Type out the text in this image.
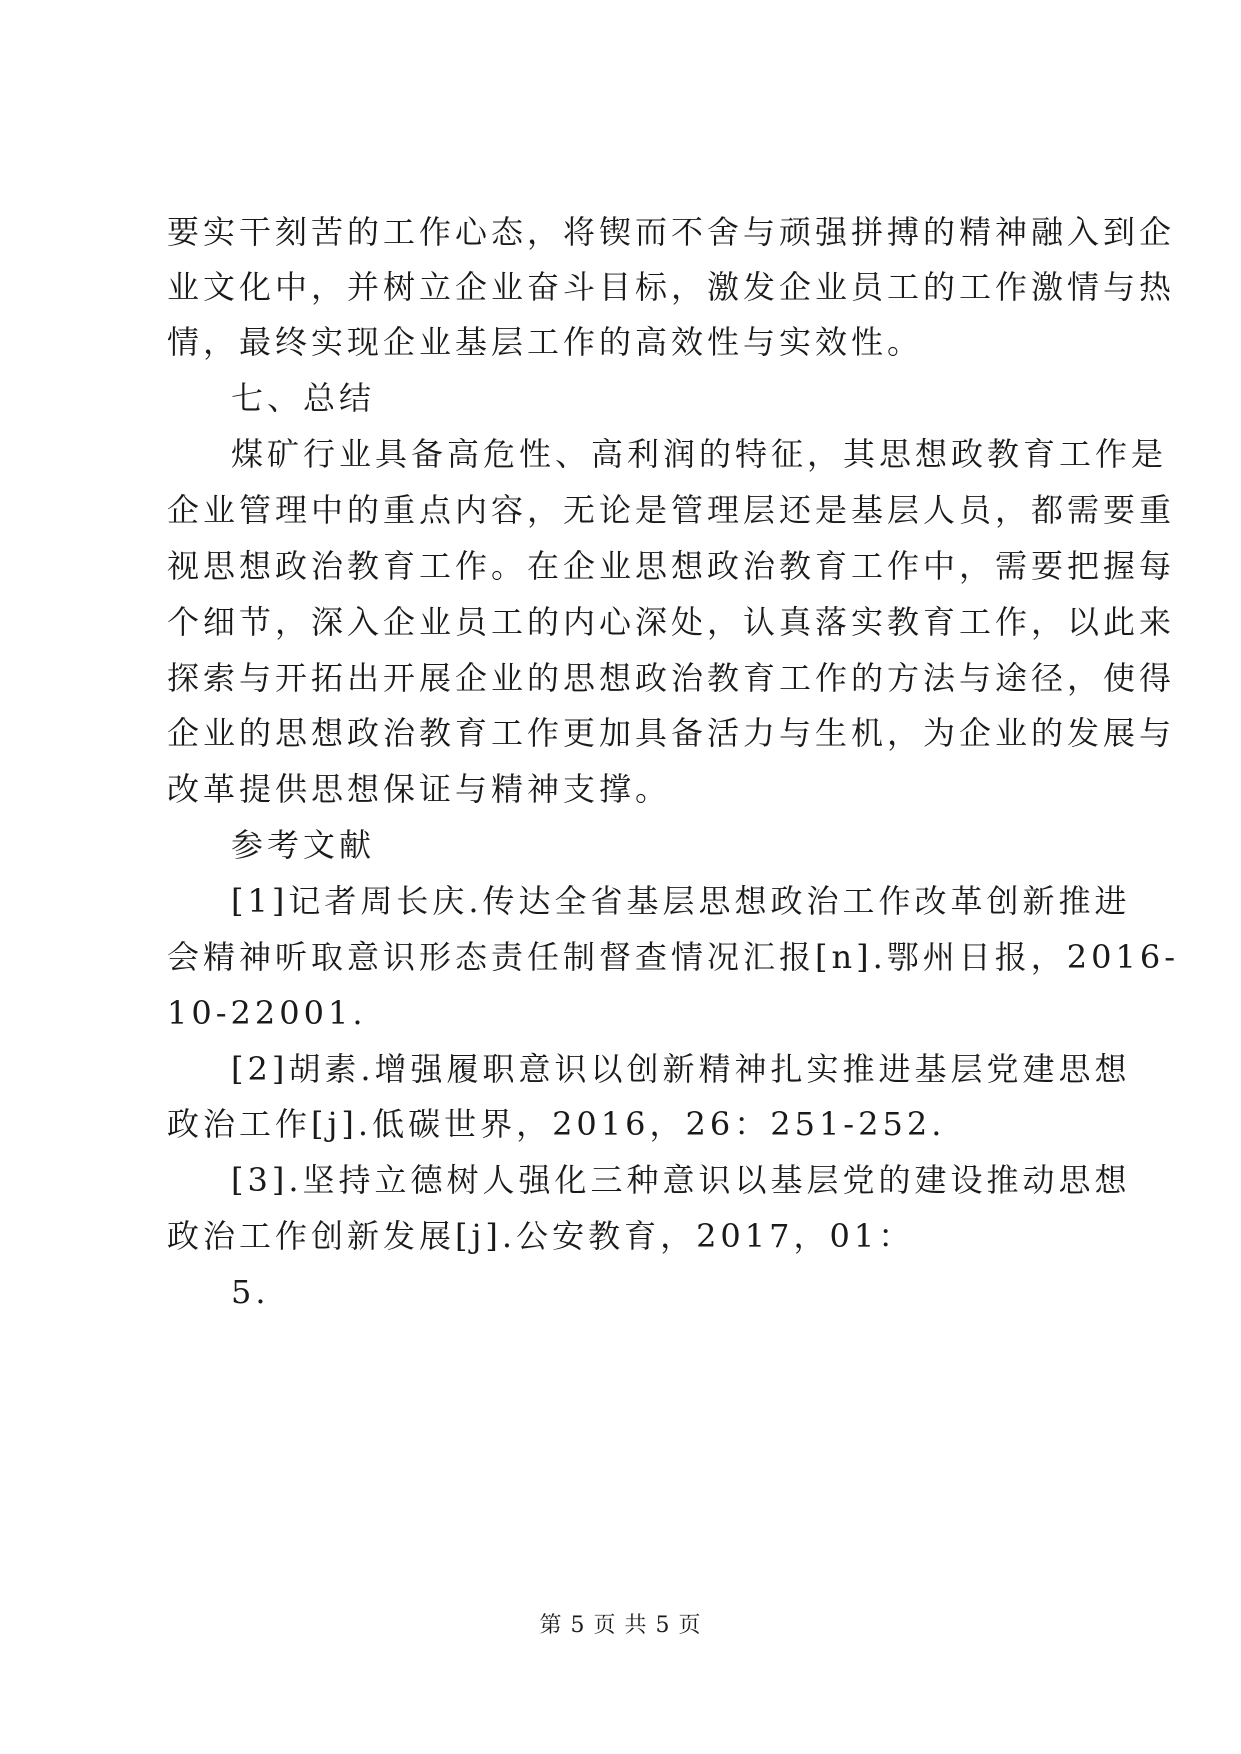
要实干刻苦的工作心态，将锲而不舍与顽强拼搏的精神融入到企
业文化中，并树立企业奋斗目标，激发企业员工的工作激情与热
情，最终实现企业基层工作的高效性与实效性。
七、总结
煤矿行业具备高危性、高利润的特征，其思想政教育工作是
企业管理中的重点内容，无论是管理层还是基层人员，都需要重
视思想政治教育工作。在企业思想政治教育工作中，需要把握每
个细节，深入企业员工的内心深处，认真落实教育工作，以此来
探索与开拓出开展企业的思想政治教育工作的方法与途径，使得
企业的思想政治教育工作更加具备活力与生机，为企业的发展与
改革提供思想保证与精神支撑。
参考文献
[1]记者周长庆.传达全省基层思想政治工作改革创新推进
会精神听取意识形态责任制督查情况汇报[n].鄂州日报，2016-
10-22001.
[2]胡素.增强履职意识以创新精神扎实推进基层党建思想
政治工作[j].低碳世界，2016，26：251-252.
[3].坚持立德树人强化三种意识以基层党的建设推动思想
政治工作创新发展[j].公安教育，2017，01：
5.
第 5 页 共 5 页
